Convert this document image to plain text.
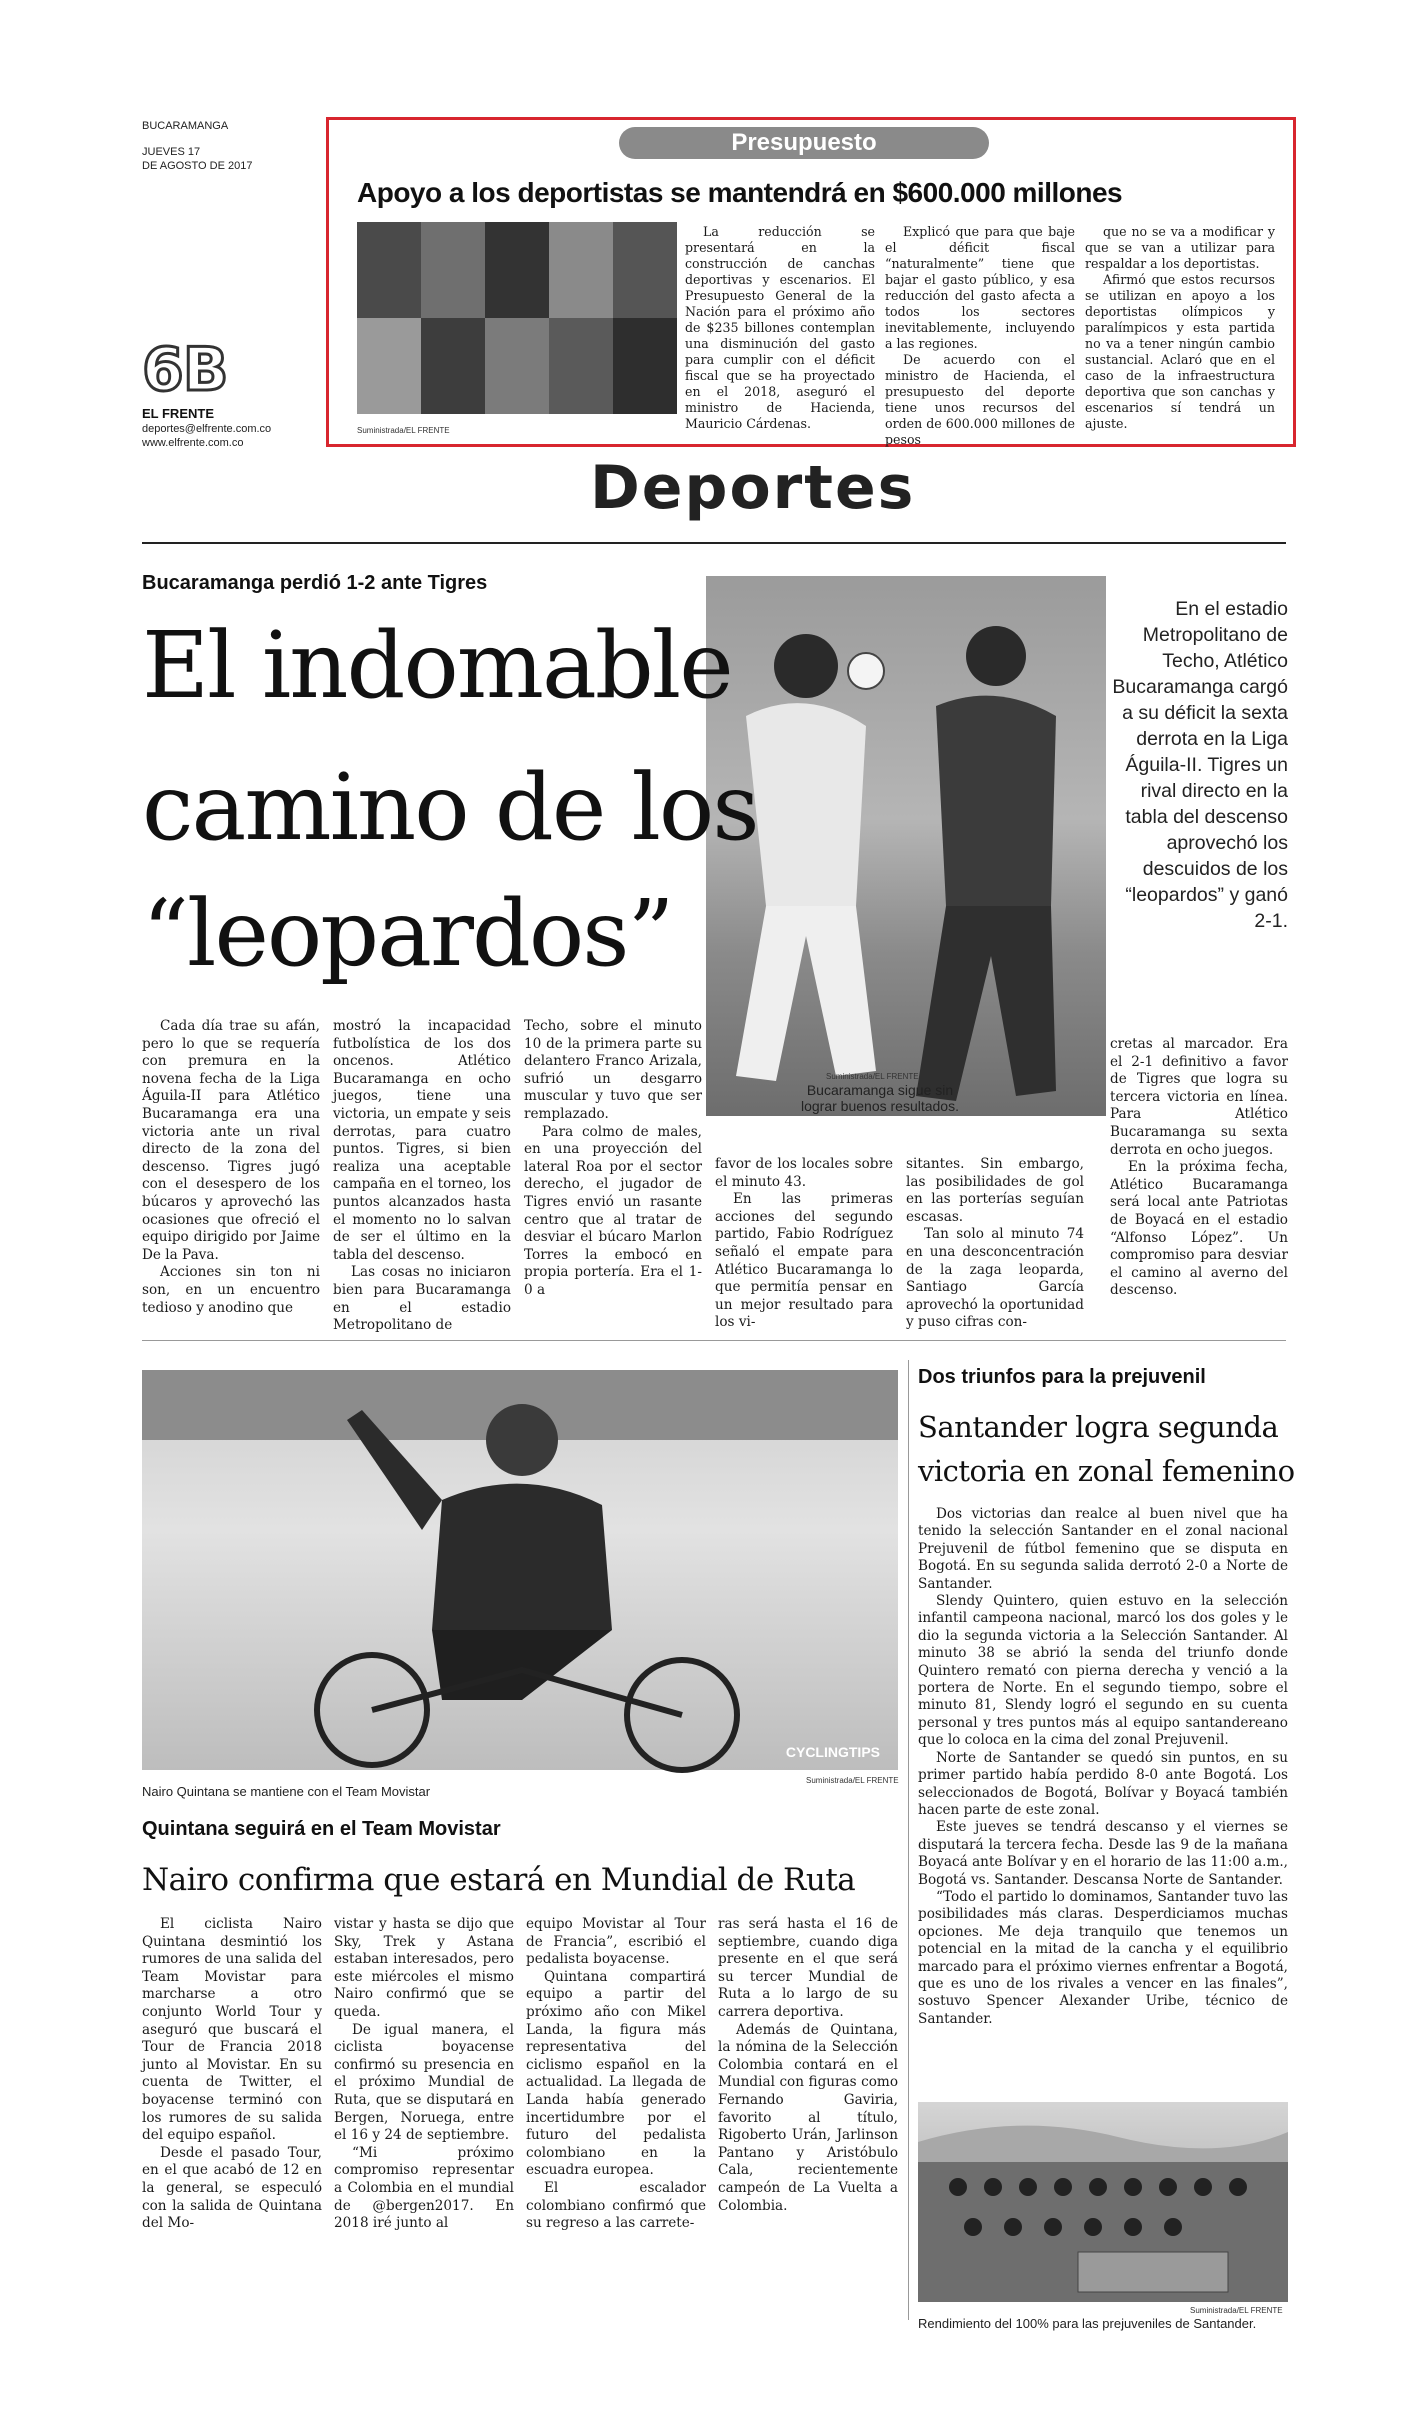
BUCARAMANGA
JUEVES 17
DE AGOSTO DE 2017
6B
EL FRENTE
deportes@elfrente.com.co
www.elfrente.com.co
Presupuesto
Apoyo a los deportistas se mantendrá en $600.000 millones
Suministrada/EL FRENTE

La reducción se presentará en la construcción de canchas deportivas y escenarios. El Presupuesto General de la Nación para el próximo año de $235 billones contemplan una disminución del gasto para cumplir con el déficit fiscal que se ha proyectado en el 2018, aseguró el ministro de Hacienda, Mauricio Cárdenas.

Explicó que para que baje el déficit fiscal “naturalmente” tiene que bajar el gasto público, y esa reducción del gasto afecta a todos los sectores inevitablemente, incluyendo a las regiones.

De acuerdo con el ministro de Hacienda, el presupuesto del deporte tiene unos recursos del orden de 600.000 millones de pesos

que no se va a modificar y que se van a utilizar para respaldar a los deportistas.

Afirmó que estos recursos se utilizan en apoyo a los deportistas olímpicos y paralímpicos y esta partida no va a tener ningún cambio sustancial. Aclaró que en el caso de la infraestructura deportiva que son canchas y escenarios sí tendrá un ajuste.

Deportes
Bucaramanga perdió 1-2 ante Tigres
El indomable
camino de los
“leopardos”
En el estadio Metropolitano de Techo, Atlético Bucaramanga cargó a su déficit la sexta derrota en la Liga Águila-II. Tigres un rival directo en la tabla del descenso aprovechó los descuidos de los “leopardos” y ganó 2-1.
Suministrada/EL FRENTE
Bucaramanga sigue sin lograr buenos resultados.

Cada día trae su afán, pero lo que se requería con premura en la novena fecha de la Liga Águila-II para Atlético Bucaramanga era una victoria ante un rival directo de la zona del descenso. Tigres jugó con el desespero de los búcaros y aprovechó las ocasiones que ofreció el equipo dirigido por Jaime De la Pava.

Acciones sin ton ni son, en un encuentro tedioso y anodino que

mostró la incapacidad futbolística de los dos oncenos. Atlético Bucaramanga en ocho juegos, tiene una victoria, un empate y seis derrotas, para cuatro puntos. Tigres, si bien realiza una aceptable campaña en el torneo, los puntos alcanzados hasta el momento no lo salvan de ser el último en la tabla del descenso.

Las cosas no iniciaron bien para Bucaramanga en el estadio Metropolitano de

Techo, sobre el minuto 10 de la primera parte su delantero Franco Arizala, sufrió un desgarro muscular y tuvo que ser remplazado.

Para colmo de males, en una proyección del lateral Roa por el sector derecho, el jugador de Tigres envió un rasante centro que al tratar de desviar el búcaro Marlon Torres la embocó en propia portería. Era el 1-0 a

favor de los locales sobre el minuto 43.

En las primeras acciones del segundo partido, Fabio Rodríguez señaló el empate para Atlético Bucaramanga lo que permitía pensar en un mejor resultado para los vi-

sitantes. Sin embargo, las posibilidades de gol en las porterías seguían escasas.

Tan solo al minuto 74 en una desconcentración de la zaga leoparda, Santiago García aprovechó la oportunidad y puso cifras con-

cretas al marcador. Era el 2-1 definitivo a favor de Tigres que logra su tercera victoria en línea. Para Atlético Bucaramanga su sexta derrota en ocho juegos.

En la próxima fecha, Atlético Bucaramanga será local ante Patriotas de Boyacá en el estadio “Alfonso López”. Un compromiso para desviar el camino al averno del descenso.

CYCLINGTIPS
Suministrada/EL FRENTE
Nairo Quintana se mantiene con el Team Movistar
Quintana seguirá en el Team Movistar
Nairo confirma que estará en Mundial de Ruta

El ciclista Nairo Quintana desmintió los rumores de una salida del Team Movistar para marcharse a otro conjunto World Tour y aseguró que buscará el Tour de Francia 2018 junto al Movistar. En su cuenta de Twitter, el boyacense terminó con los rumores de su salida del equipo español.

Desde el pasado Tour, en el que acabó de 12 en la general, se especuló con la salida de Quintana del Mo-

vistar y hasta se dijo que Sky, Trek y Astana estaban interesados, pero este miércoles el mismo Nairo confirmó que se queda.

De igual manera, el ciclista boyacense confirmó su presencia en el próximo Mundial de Ruta, que se disputará en Bergen, Noruega, entre el 16 y 24 de septiembre.

“Mi próximo compromiso representar a Colombia en el mundial de @bergen2017. En 2018 iré junto al

equipo Movistar al Tour de Francia”, escribió el pedalista boyacense.

Quintana compartirá equipo a partir del próximo año con Mikel Landa, la figura más representativa del ciclismo español en la actualidad. La llegada de Landa había generado incertidumbre por el futuro del pedalista colombiano en la escuadra europea.

El escalador colombiano confirmó que su regreso a las carrete-

ras será hasta el 16 de septiembre, cuando diga presente en el que será su tercer Mundial de Ruta a lo largo de su carrera deportiva.

Además de Quintana, la nómina de la Selección Colombia contará en el Mundial con figuras como Fernando Gaviria, favorito al título, Rigoberto Urán, Jarlinson Pantano y Aristóbulo Cala, recientemente campeón de La Vuelta a Colombia.

Dos triunfos para la prejuvenil
Santander logra segunda
victoria en zonal femenino

Dos victorias dan realce al buen nivel que ha tenido la selección Santander en el zonal nacional Prejuvenil de fútbol femenino que se disputa en Bogotá. En su segunda salida derrotó 2-0 a Norte de Santander.

Slendy Quintero, quien estuvo en la selección infantil campeona nacional, marcó los dos goles y le dio la segunda victoria a la Selección Santander. Al minuto 38 se abrió la senda del triunfo donde Quintero remató con pierna derecha y venció a la portera de Norte. En el segundo tiempo, sobre el minuto 81, Slendy logró el segundo en su cuenta personal y tres puntos más al equipo santandereano que lo coloca en la cima del zonal Prejuvenil.

Norte de Santander se quedó sin puntos, en su primer partido había perdido 8-0 ante Bogotá. Los seleccionados de Bogotá, Bolívar y Boyacá también hacen parte de este zonal.

Este jueves se tendrá descanso y el viernes se disputará la tercera fecha. Desde las 9 de la mañana Boyacá ante Bolívar y en el horario de las 11:00 a.m., Bogotá vs. Santander. Descansa Norte de Santander.

“Todo el partido lo dominamos, Santander tuvo las posibilidades más claras. Desperdiciamos muchas opciones. Me deja tranquilo que tenemos un potencial en la mitad de la cancha y el equilibrio marcado para el próximo viernes enfrentar a Bogotá, que es uno de los rivales a vencer en las finales”, sostuvo Spencer Alexander Uribe, técnico de Santander.

Suministrada/EL FRENTE
Rendimiento del 100% para las prejuveniles de Santander.
